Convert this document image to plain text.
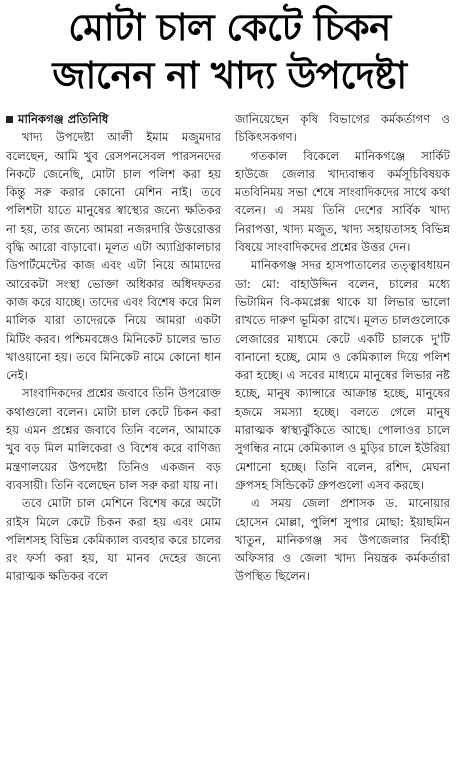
মোটা চাল কেটে চিকন
জানেন না খাদ্য উপদেষ্টা
মানিকগঞ্জ প্রতিনিধি

খাদ্য উপদেষ্টা আলী ইমাম মজুমদার বলেছেন, আমি খুব রেসপনসেবল পারসনদের নিকটে জেনেছি, মোটা চাল পলিশ করা হয় কিন্তু সরু করার কোনো মেশিন নাই। তবে পলিশটা যাতে মানুষের স্বাস্থ্যের জন্যে ক্ষতিকর না হয়, তার জন্যে আমরা নজরদারি উত্তরোত্তর বৃদ্ধি আরো বাড়াবো। মূলত এটা অ্যাগ্রিকালচার ডিপার্টমেন্টের কাজ এবং এটা নিয়ে আমাদের আরেকটা সংস্থা ভোক্তা অধিকার অধিদফতর কাজ করে যাচ্ছে। তাদের এবং বিশেষ করে মিল মালিক যারা তাদেরকে নিয়ে আমরা একটা মিটিং করব। পশ্চিমবঙ্গেও মিনিকেট চালের ভাত খাওয়ানো হয়। তবে মিনিকেট নামে কোনো ধান নেই।

সাংবাদিকদের প্রশ্নের জবাবে তিনি উপরোক্ত কথাগুলো বলেন। মোটা চাল কেটে চিকন করা হয় এমন প্রশ্নের জবাবে তিনি বলেন, আমাকে খুব বড় মিল মালিকেরা ও বিশেষ করে বাণিজ্য মন্ত্রণালয়ের উপদেষ্টা তিনিও একজন বড় ব্যবসায়ী। তিনি বলেছেন চাল সরু করা যায় না।

তবে মোটা চাল মেশিনে বিশেষ করে অটো রাইস মিলে কেটে চিকন করা হয় এবং মোম পলিশসহ বিভিন্ন কেমিক্যাল ব্যবহার করে চালের রং ফর্সা করা হয়, যা মানব দেহের জন্যে মারাত্মক ক্ষতিকর বলে

জানিয়েছেন কৃষি বিভাগের কর্মকর্তাগণ ও চিকিৎসকগণ।

গতকাল বিকেলে মানিকগঞ্জে সার্কিট হাউজে জেলার খাদ্যবান্ধব কর্মসূচিবিষয়ক মতবিনিময় সভা শেষে সাংবাদিকদের সাথে কথা বলেন। এ সময় তিনি দেশের সার্বিক খাদ্য নিরাপত্তা, খাদ্য মজুত, খাদ্য সহায়তাসহ বিভিন্ন বিষয়ে সাংবাদিকদের প্রশ্নের উত্তর দেন।

মানিকগঞ্জ সদর হাসপাতালের তত্ত্বাবধায়ন ডা: মো: বাহাউদ্দিন বলেন, চালের মধ্যে ভিটামিন বি-কমপ্লেক্স থাকে যা লিভার ভালো রাখতে দারুণ ভূমিকা রাখে। মূলত চালগুলোকে লেজারের মাধ্যমে কেটে একটি চালকে দু'টি বানানো হচ্ছে, মোম ও কেমিক্যাল দিয়ে পলিশ করা হচ্ছে। এ সবের মাধ্যমে মানুষের লিভার নষ্ট হচ্ছে, মানুষ ক্যান্সারে আক্রান্ত হচ্ছে, মানুষের হজমে সমস্যা হচ্ছে। বলতে গেলে মানুষ মারাত্মক স্বাস্থ্যঝুঁকিতে আছে। পোলাওর চালে সুগন্ধির নামে কেমিক্যাল ও মুড়ির চালে ইউরিয়া মেশানো হচ্ছে। তিনি বলেন, রশিদ, মেঘনা গ্রুপসহ সিন্ডিকেট গ্রুপগুলো এসব করছে।

এ সময় জেলা প্রশাসক ড. মানোয়ার হোসেন মোল্লা, পুলিশ সুপার মোছা: ইয়াছমিন খাতুন, মানিকগঞ্জ সব উপজেলার নির্বাহী অফিসার ও জেলা খাদ্য নিয়ন্ত্রক কর্মকর্তারা উপস্থিত ছিলেন।
